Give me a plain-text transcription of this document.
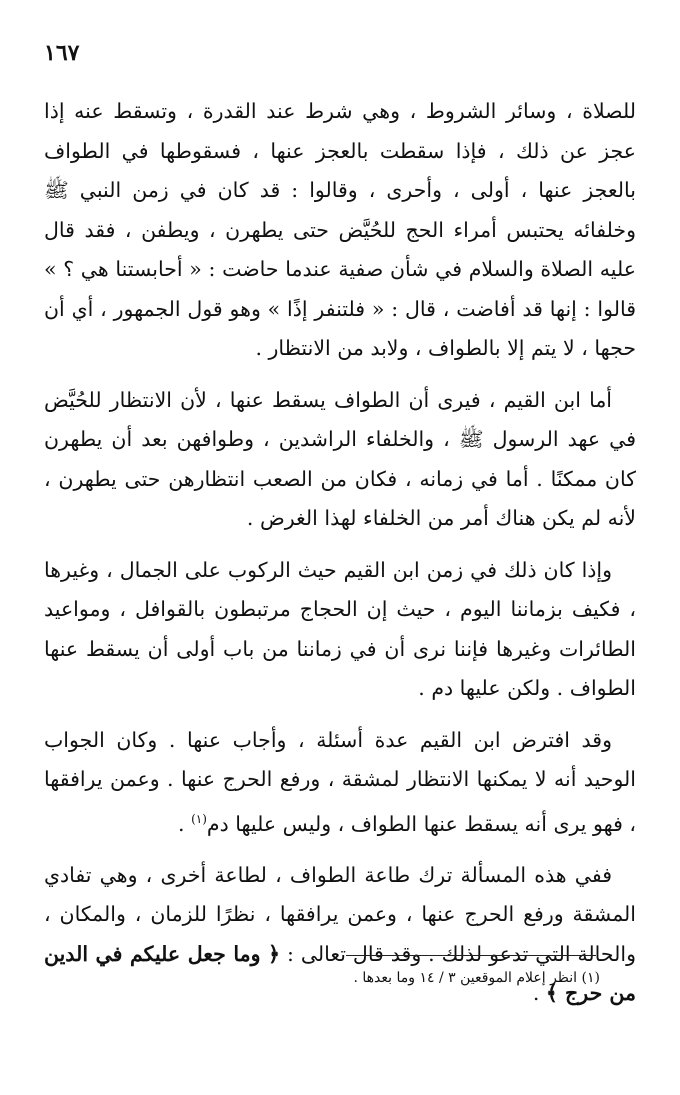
١٦٧

للصلاة ، وسائر الشروط ، وهي شرط عند القدرة ، وتسقط عنه إذا عجز عن ذلك ، فإذا سقطت بالعجز عنها ، فسقوطها في الطواف بالعجز عنها ، أولى ، وأحرى ، وقالوا : قد كان في زمن النبي ﷺ وخلفائه يحتبس أمراء الحج للحُيَّض حتى يطهرن ، ويطفن ، فقد قال عليه الصلاة والسلام في شأن صفية عندما حاضت : « أحابستنا هي ؟ » قالوا : إنها قد أفاضت ، قال : « فلتنفر إذًا » وهو قول الجمهور ، أي أن حجها ، لا يتم إلا بالطواف ، ولابد من الانتظار .

أما ابن القيم ، فيرى أن الطواف يسقط عنها ، لأن الانتظار للحُيَّض في عهد الرسول ﷺ ، والخلفاء الراشدين ، وطوافهن بعد أن يطهرن كان ممكنًا . أما في زمانه ، فكان من الصعب انتظارهن حتى يطهرن ، لأنه لم يكن هناك أمر من الخلفاء لهذا الغرض .

وإذا كان ذلك في زمن ابن القيم حيث الركوب على الجمال ، وغيرها ، فكيف بزماننا اليوم ، حيث إن الحجاج مرتبطون بالقوافل ، ومواعيد الطائرات وغيرها فإننا نرى أن في زماننا من باب أولى أن يسقط عنها الطواف . ولكن عليها دم .

وقد افترض ابن القيم عدة أسئلة ، وأجاب عنها . وكان الجواب الوحيد أنه لا يمكنها الانتظار لمشقة ، ورفع الحرج عنها . وعمن يرافقها ، فهو يرى أنه يسقط عنها الطواف ، وليس عليها دم$^{(١)}$ .

ففي هذه المسألة ترك طاعة الطواف ، لطاعة أخرى ، وهي تفادي المشقة ورفع الحرج عنها ، وعمن يرافقها ، نظرًا للزمان ، والمكان ، والحالة التي تدعو لذلك . وقد قال تعالى : ﴿ وما جعل عليكم في الدين من حرج ﴾ .

(١) انظر إعلام الموقعين ٣ / ١٤ وما بعدها .
